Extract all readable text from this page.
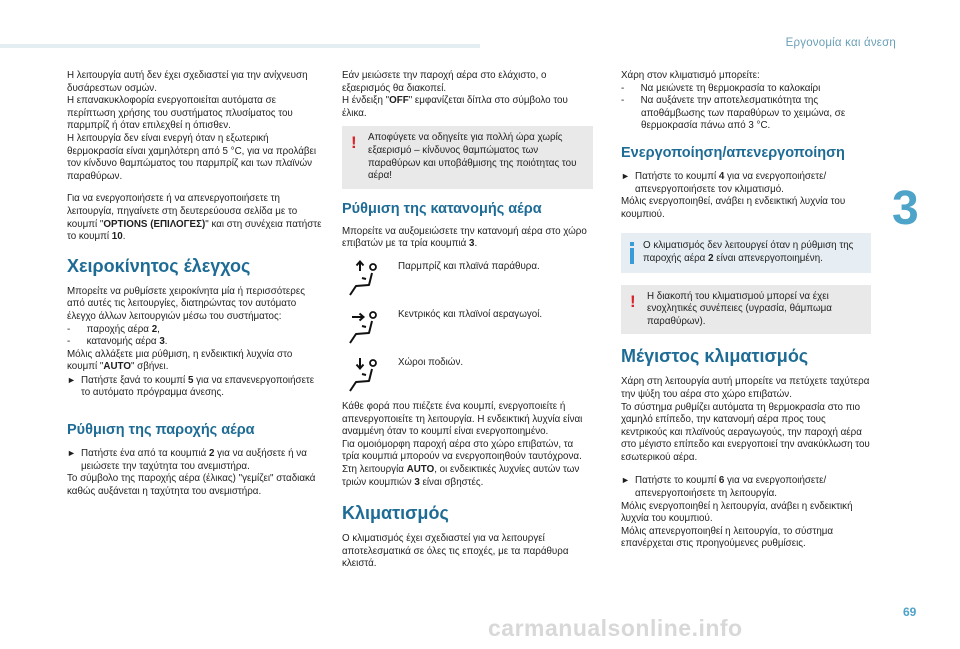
Εργονομία και άνεση
3
69

Η λειτουργία αυτή δεν έχει σχεδιαστεί για την ανίχνευση δυσάρεστων οσμών.

Η επανακυκλοφορία ενεργοποιείται αυτόματα σε περίπτωση χρήσης του συστήματος πλυσίματος του παρμπρίζ ή όταν επιλεχθεί η όπισθεν.

Η λειτουργία δεν είναι ενεργή όταν η εξωτερική θερμοκρασία είναι χαμηλότερη από 5 °C, για να προλάβει τον κίνδυνο θαμπώματος του παρμπρίζ και των πλαϊνών παραθύρων.

Για να ενεργοποιήσετε ή να απενεργοποιήσετε τη λειτουργία, πηγαίνετε στη δευτερεύουσα σελίδα με το κουμπί "OPTIONS (ΕΠΙΛΟΓΕΣ)" και στη συνέχεια πατήστε το κουμπί 10.

Χειροκίνητος έλεγχος

Μπορείτε να ρυθμίσετε χειροκίνητα μία ή περισσότερες από αυτές τις λειτουργίες, διατηρώντας τον αυτόματο έλεγχο άλλων λειτουργιών μέσω του συστήματος:

-      παροχής αέρα 2,

-      κατανομής αέρα 3.

Μόλις αλλάξετε μια ρύθμιση, η ενδεικτική λυχνία στο κουμπί "AUTO" σβήνει.

► Πατήστε ξανά το κουμπί 5 για να επανενεργοποιήσετε το αυτόματο πρόγραμμα άνεσης.

Ρύθμιση της παροχής αέρα

► Πατήστε ένα από τα κουμπιά 2 για να αυξήσετε ή να μειώσετε την ταχύτητα του ανεμιστήρα.

Το σύμβολο της παροχής αέρα (έλικας) "γεμίζει" σταδιακά καθώς αυξάνεται η ταχύτητα του ανεμιστήρα.

Εάν μειώσετε την παροχή αέρα στο ελάχιστο, ο εξαερισμός θα διακοπεί.

Η ένδειξη "OFF" εμφανίζεται δίπλα στο σύμβολο του έλικα.

! Αποφύγετε να οδηγείτε για πολλή ώρα χωρίς εξαερισμό – κίνδυνος θαμπώματος των παραθύρων και υποβάθμισης της ποιότητας του αέρα!

Ρύθμιση της κατανομής αέρα

Μπορείτε να αυξομειώσετε την κατανομή αέρα στο χώρο επιβατών με τα τρία κουμπιά 3.

Παρμπρίζ και πλαϊνά παράθυρα.
Κεντρικός και πλαϊνοί αεραγωγοί.
Χώροι ποδιών.

Κάθε φορά που πιέζετε ένα κουμπί, ενεργοποιείτε ή απενεργοποιείτε τη λειτουργία. Η ενδεικτική λυχνία είναι αναμμένη όταν το κουμπί είναι ενεργοποιημένο.

Για ομοιόμορφη παροχή αέρα στο χώρο επιβατών, τα τρία κουμπιά μπορούν να ενεργοποιηθούν ταυτόχρονα.

Στη λειτουργία AUTO, οι ενδεικτικές λυχνίες αυτών των τριών κουμπιών 3 είναι σβηστές.

Κλιματισμός

Ο κλιματισμός έχει σχεδιαστεί για να λειτουργεί αποτελεσματικά σε όλες τις εποχές, με τα παράθυρα κλειστά.

Χάρη στον κλιματισμό μπορείτε:

-      Να μειώνετε τη θερμοκρασία το καλοκαίρι

-      Να αυξάνετε την αποτελεσματικότητα της αποθάμβωσης των παραθύρων το χειμώνα, σε θερμοκρασία πάνω από 3 °C.

Ενεργοποίηση/απενεργοποίηση

► Πατήστε το κουμπί 4 για να ενεργοποιήσετε/απενεργοποιήσετε τον κλιματισμό.

Μόλις ενεργοποιηθεί, ανάβει η ενδεικτική λυχνία του κουμπιού.

Ο κλιματισμός δεν λειτουργεί όταν η ρύθμιση της παροχής αέρα 2 είναι απενεργοποιημένη.

! Η διακοπή του κλιματισμού μπορεί να έχει ενοχλητικές συνέπειες (υγρασία, θάμπωμα παραθύρων).

Μέγιστος κλιματισμός

Χάρη στη λειτουργία αυτή μπορείτε να πετύχετε ταχύτερα την ψύξη του αέρα στο χώρο επιβατών.

Το σύστημα ρυθμίζει αυτόματα τη θερμοκρασία στο πιο χαμηλό επίπεδο, την κατανομή αέρα προς τους κεντρικούς και πλαϊνούς αεραγωγούς, την παροχή αέρα στο μέγιστο επίπεδο και ενεργοποιεί την ανακύκλωση του εσωτερικού αέρα.

► Πατήστε το κουμπί 6 για να ενεργοποιήσετε/απενεργοποιήσετε τη λειτουργία.

Μόλις ενεργοποιηθεί η λειτουργία, ανάβει η ενδεικτική λυχνία του κουμπιού.

Μόλις απενεργοποιηθεί η λειτουργία, το σύστημα επανέρχεται στις προηγούμενες ρυθμίσεις.

carmanualsonline.info
